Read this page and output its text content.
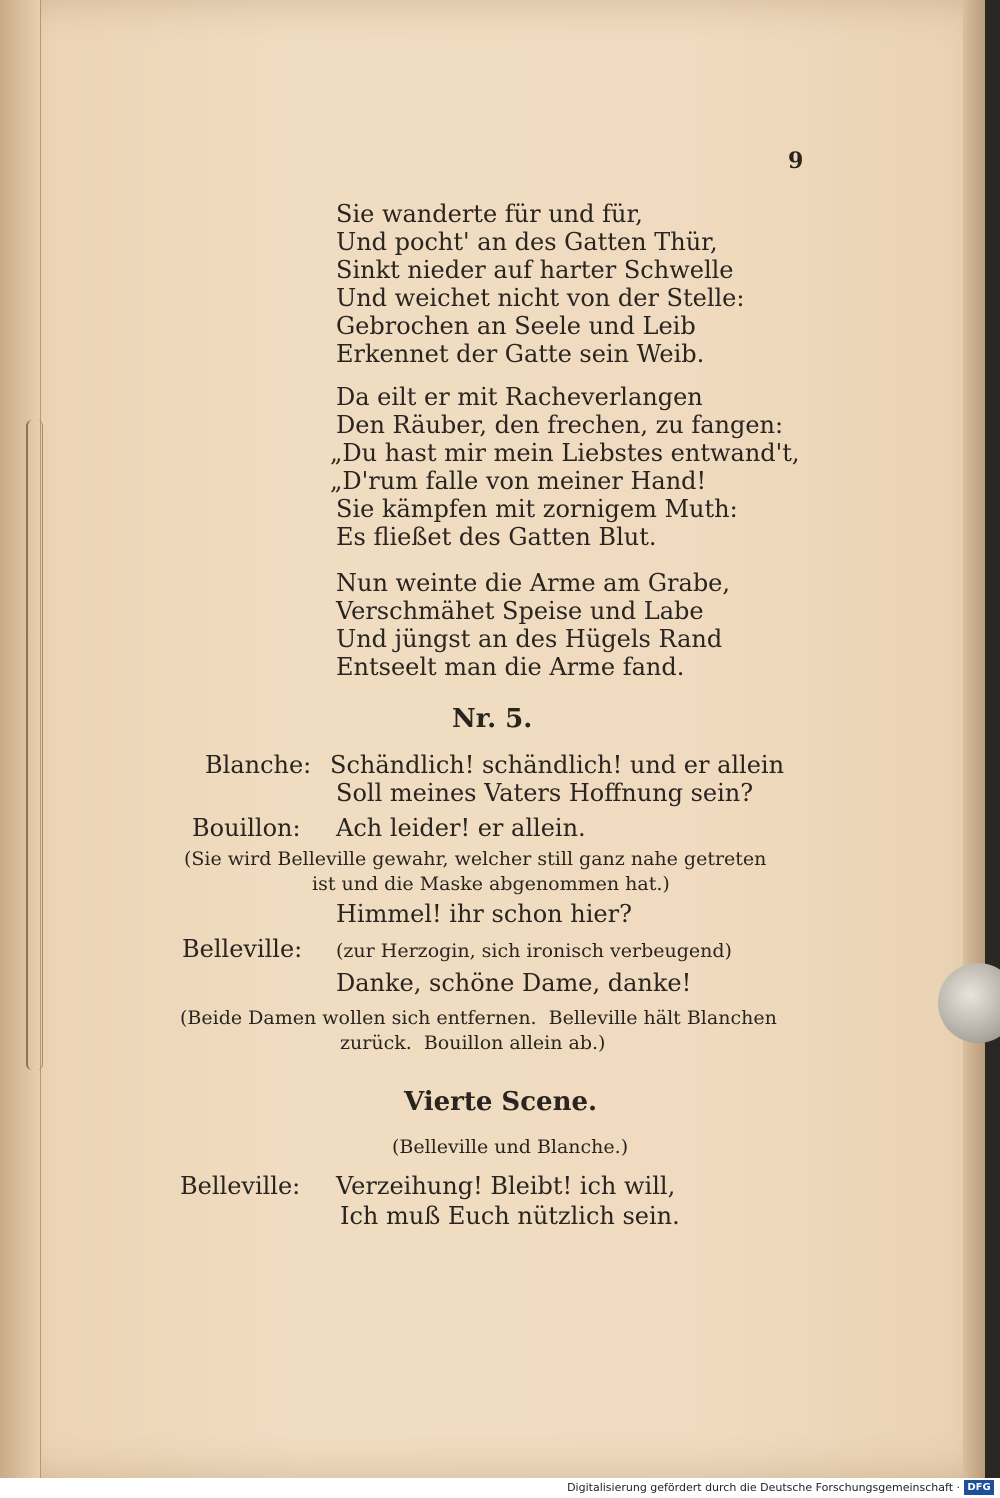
9
Sie wanderte für und für,
Und pocht' an des Gatten Thür,
Sinkt nieder auf harter Schwelle
Und weichet nicht von der Stelle:
Gebrochen an Seele und Leib
Erkennet der Gatte sein Weib.
Da eilt er mit Racheverlangen
Den Räuber, den frechen, zu fangen:
„Du hast mir mein Liebstes entwand't,
„D'rum falle von meiner Hand!
Sie kämpfen mit zornigem Muth:
Es fließet des Gatten Blut.
Nun weinte die Arme am Grabe,
Verschmähet Speise und Labe
Und jüngst an des Hügels Rand
Entseelt man die Arme fand.
Nr. 5.
Blanche: Schändlich! schändlich! und er allein
Soll meines Vaters Hoffnung sein?
Bouillon: Ach leider! er allein.
(Sie wird Belleville gewahr, welcher still ganz nahe getreten
ist und die Maske abgenommen hat.)
Himmel! ihr schon hier?
Belleville: (zur Herzogin, sich ironisch verbeugend)
Danke, schöne Dame, danke!
(Beide Damen wollen sich entfernen.  Belleville hält Blanchen
zurück.  Bouillon allein ab.)
Vierte Scene.
(Belleville und Blanche.)
Belleville: Verzeihung! Bleibt! ich will,
Ich muß Euch nützlich sein.
Digitalisierung gefördert durch die Deutsche Forschungsgemeinschaft · DFG
